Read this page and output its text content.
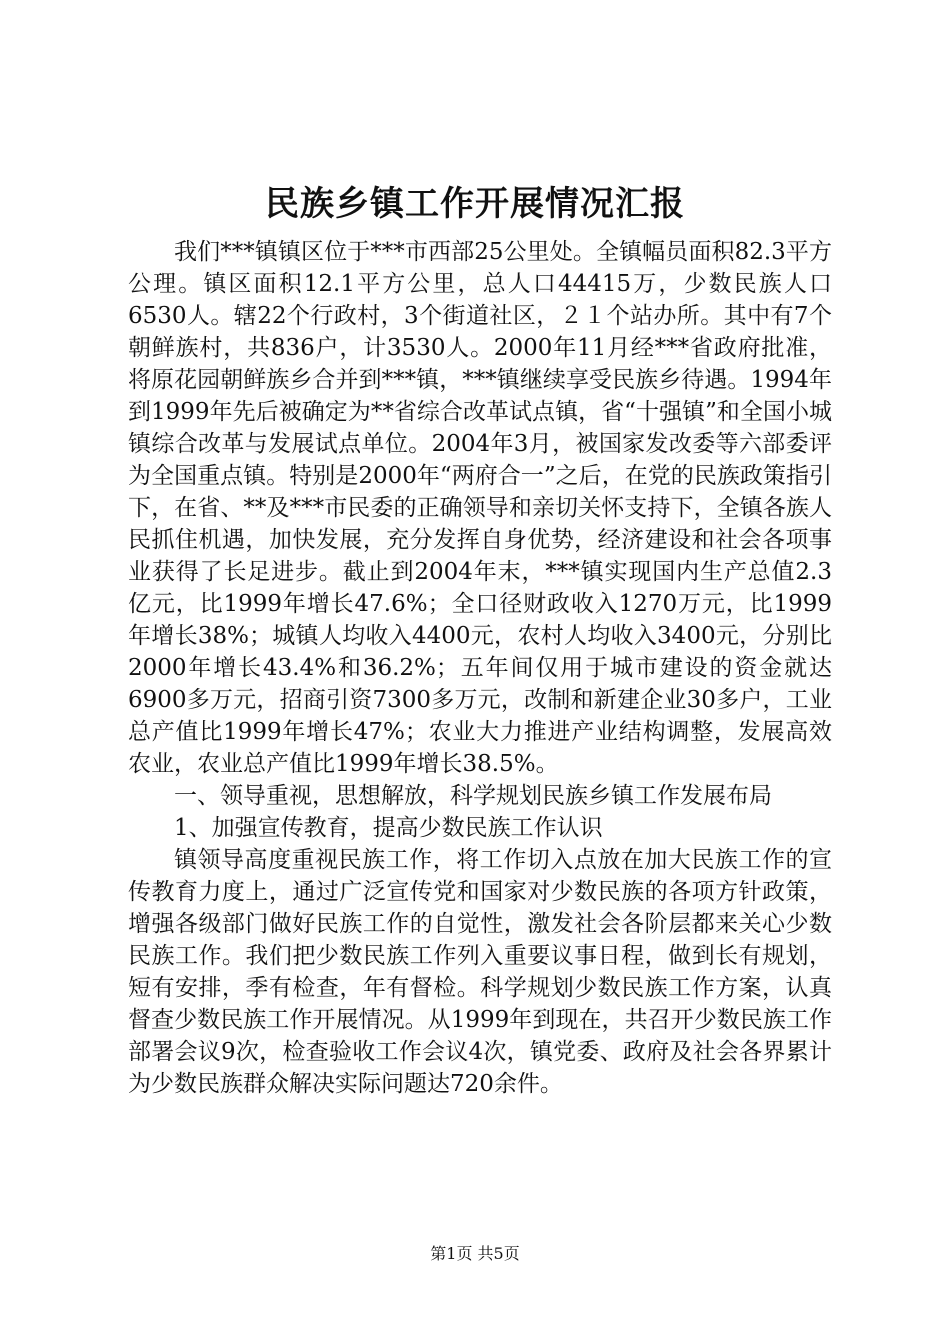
民族乡镇工作开展情况汇报

我们***镇镇区位于***市西部25公里处。全镇幅员面积82.3平方公理。镇区面积12.1平方公里，总人口44415万，少数民族人口6530人。辖22个行政村，3个街道社区，２１个站办所。其中有7个朝鲜族村，共836户，计3530人。2000年11月经***省政府批准，将原花园朝鲜族乡合并到***镇，***镇继续享受民族乡待遇。1994年到1999年先后被确定为**省综合改革试点镇，省“十强镇”和全国小城镇综合改革与发展试点单位。2004年3月，被国家发改委等六部委评为全国重点镇。特别是2000年“两府合一”之后，在党的民族政策指引下，在省、**及***市民委的正确领导和亲切关怀支持下，全镇各族人民抓住机遇，加快发展，充分发挥自身优势，经济建设和社会各项事业获得了长足进步。截止到2004年末，***镇实现国内生产总值2.3亿元，比1999年增长47.6%；全口径财政收入1270万元，比1999年增长38%；城镇人均收入4400元，农村人均收入3400元，分别比2000年增长43.4%和36.2%；五年间仅用于城市建设的资金就达6900多万元，招商引资7300多万元，改制和新建企业30多户，工业总产值比1999年增长47%；农业大力推进产业结构调整，发展高效农业，农业总产值比1999年增长38.5%。

一、领导重视，思想解放，科学规划民族乡镇工作发展布局

1、加强宣传教育，提高少数民族工作认识

镇领导高度重视民族工作，将工作切入点放在加大民族工作的宣传教育力度上，通过广泛宣传党和国家对少数民族的各项方针政策，增强各级部门做好民族工作的自觉性，激发社会各阶层都来关心少数民族工作。我们把少数民族工作列入重要议事日程，做到长有规划，短有安排，季有检查，年有督检。科学规划少数民族工作方案，认真督查少数民族工作开展情况。从1999年到现在，共召开少数民族工作部署会议9次，检查验收工作会议4次，镇党委、政府及社会各界累计为少数民族群众解决实际问题达720余件。

第1页 共5页
